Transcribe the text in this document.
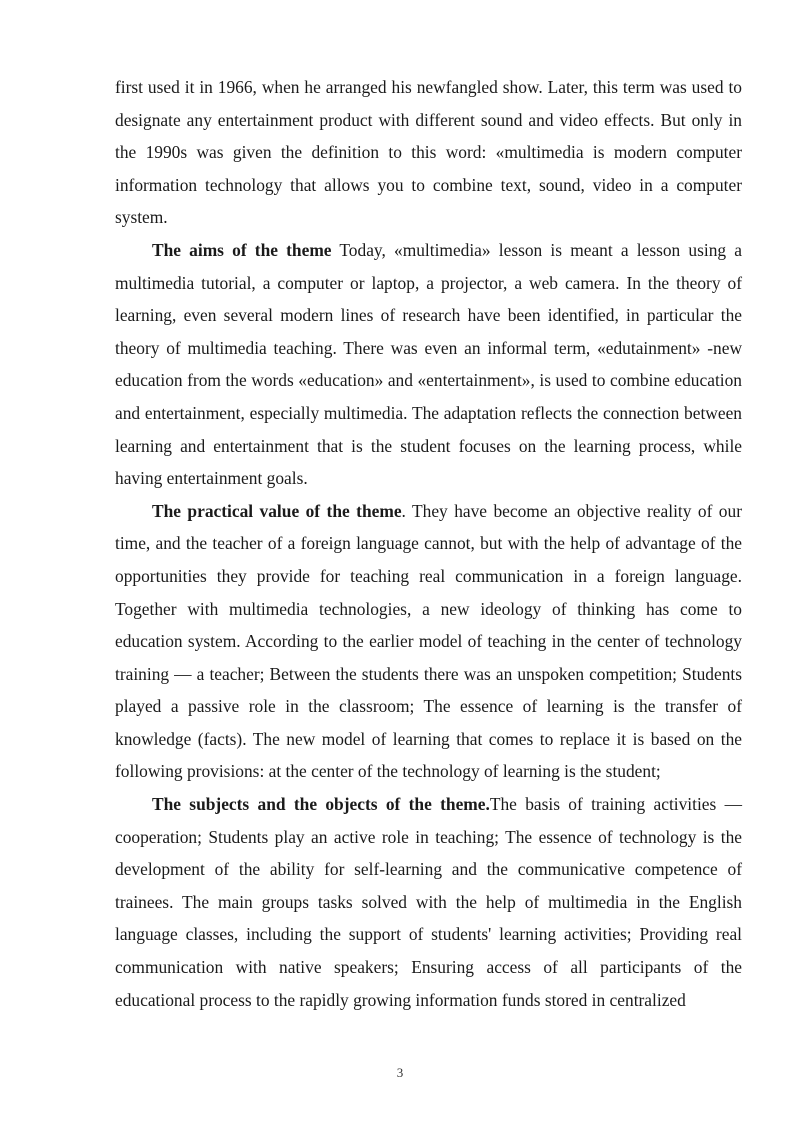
first used it in 1966, when he arranged his newfangled show. Later, this term was used to designate any entertainment product with different sound and video effects. But only in the 1990s was given the definition to this word: «multimedia is modern computer information technology that allows you to combine text, sound, video in a computer system.

The aims of the theme Today, «multimedia» lesson is meant a lesson using a multimedia tutorial, a computer or laptop, a projector, a web camera. In the theory of learning, even several modern lines of research have been identified, in particular the theory of multimedia teaching. There was even an informal term, «edutainment» -new education from the words «education» and «entertainment», is used to combine education and entertainment, especially multimedia. The adaptation reflects the connection between learning and entertainment that is the student focuses on the learning process, while having entertainment goals.

The practical value of the theme. They have become an objective reality of our time, and the teacher of a foreign language cannot, but with the help of advantage of the opportunities they provide for teaching real communication in a foreign language. Together with multimedia technologies, a new ideology of thinking has come to education system. According to the earlier model of teaching in the center of technology training — a teacher; Between the students there was an unspoken competition; Students played a passive role in the classroom; The essence of learning is the transfer of knowledge (facts). The new model of learning that comes to replace it is based on the following provisions: at the center of the technology of learning is the student;

The subjects and the objects of the theme.The basis of training activities — cooperation; Students play an active role in teaching; The essence of technology is the development of the ability for self-learning and the communicative competence of trainees. The main groups tasks solved with the help of multimedia in the English language classes, including the support of students' learning activities; Providing real communication with native speakers; Ensuring access of all participants of the educational process to the rapidly growing information funds stored in centralized

3
